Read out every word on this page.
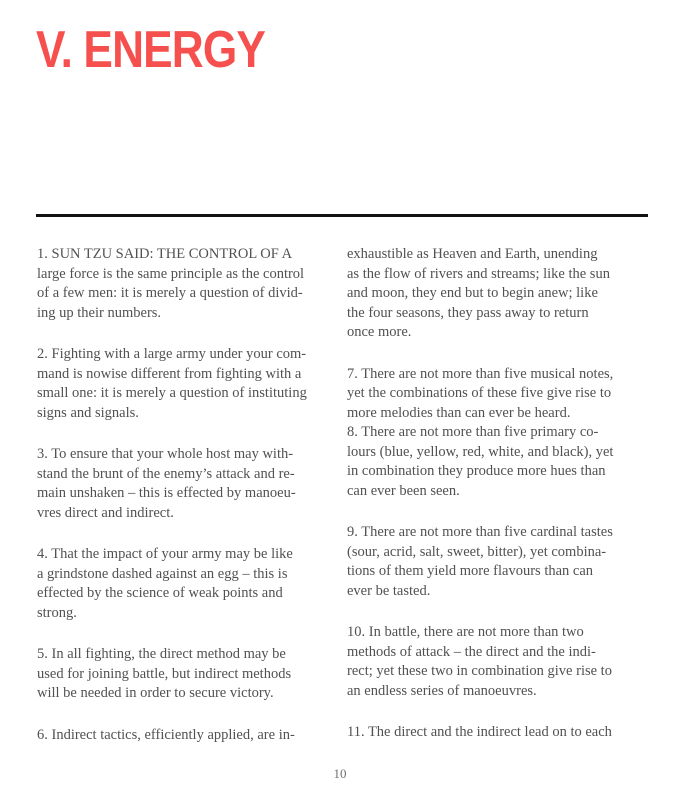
V. ENERGY
1. SUN TZU SAID: THE CONTROL OF A
large force is the same principle as the control
of a few men: it is merely a question of divid-
ing up their numbers.
2. Fighting with a large army under your com-
mand is nowise different from fighting with a
small one: it is merely a question of instituting
signs and signals.
3. To ensure that your whole host may with-
stand the brunt of the enemy’s attack and re-
main unshaken – this is effected by manoeu-
vres direct and indirect.
4. That the impact of your army may be like
a grindstone dashed against an egg – this is
effected by the science of weak points and
strong.
5. In all fighting, the direct method may be
used for joining battle, but indirect methods
will be needed in order to secure victory.
6. Indirect tactics, efficiently applied, are in-
exhaustible as Heaven and Earth, unending
as the flow of rivers and streams; like the sun
and moon, they end but to begin anew; like
the four seasons, they pass away to return
once more.
7. There are not more than five musical notes,
yet the combinations of these five give rise to
more melodies than can ever be heard.
8. There are not more than five primary co-
lours (blue, yellow, red, white, and black), yet
in combination they produce more hues than
can ever been seen.
9. There are not more than five cardinal tastes
(sour, acrid, salt, sweet, bitter), yet combina-
tions of them yield more flavours than can
ever be tasted.
10. In battle, there are not more than two
methods of attack – the direct and the indi-
rect; yet these two in combination give rise to
an endless series of manoeuvres.
11. The direct and the indirect lead on to each
10
